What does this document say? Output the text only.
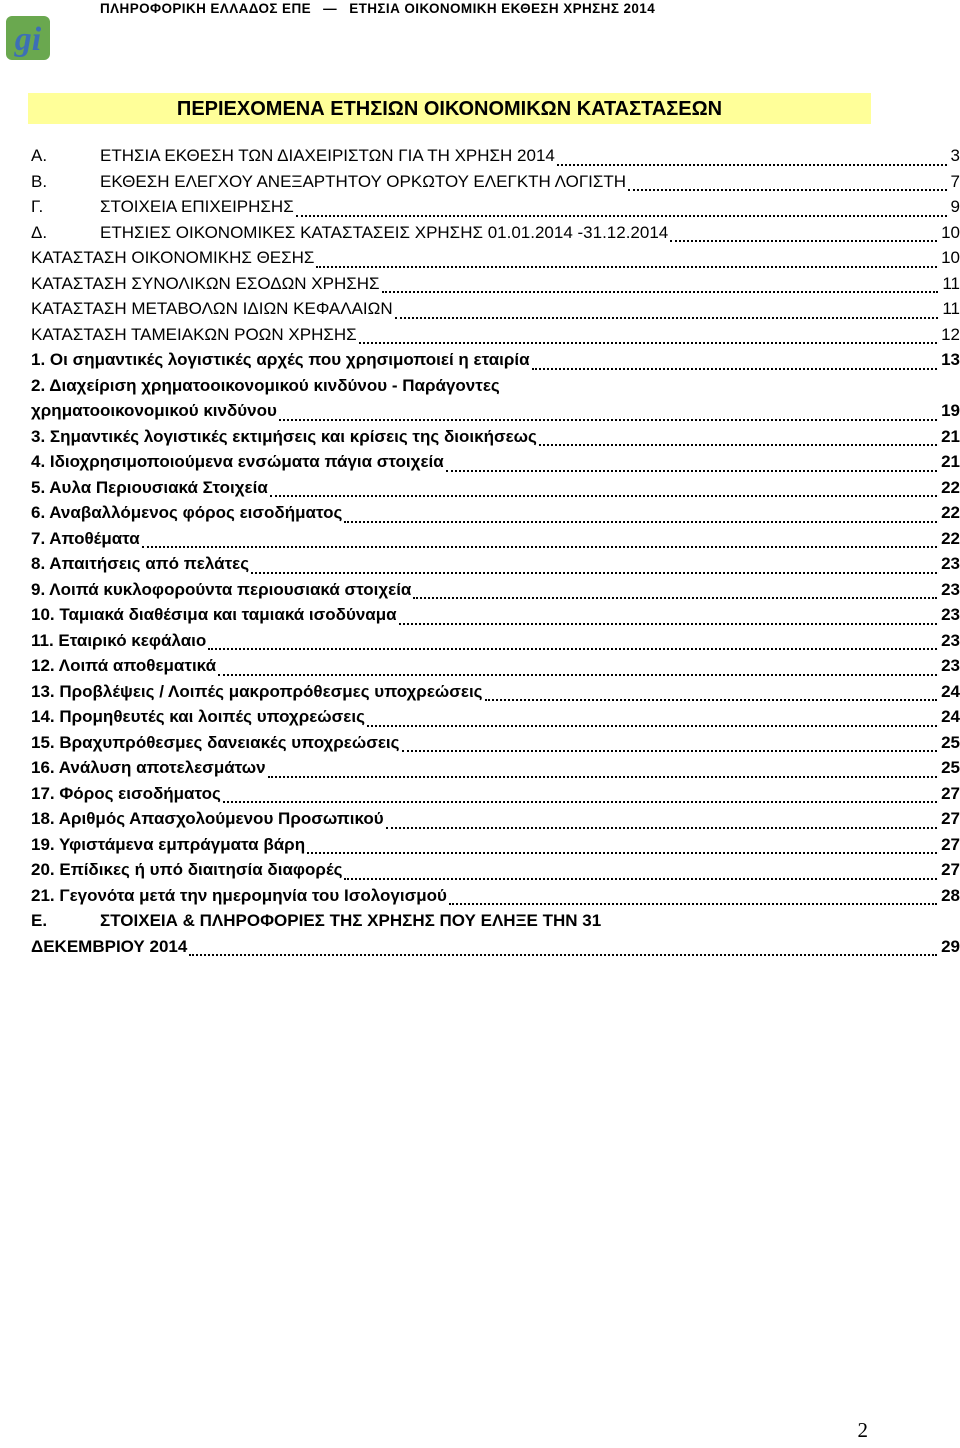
ΠΛΗΡΟΦΟΡΙΚΗ ΕΛΛΑΔΟΣ ΕΠΕ — ΕΤΗΣΙΑ ΟΙΚΟΝΟΜΙΚΗ ΕΚΘΕΣΗ ΧΡΗΣΗΣ 2014
gi
ΠΕΡΙΕΧΟΜΕΝΑ ΕΤΗΣΙΩΝ ΟΙΚΟΝΟΜΙΚΩΝ ΚΑΤΑΣΤΑΣΕΩΝ
Α.	ΕΤΗΣΙΑ ΕΚΘΕΣΗ ΤΩΝ ΔΙΑΧΕΙΡΙΣΤΩΝ ΓΙΑ ΤΗ ΧΡΗΣΗ 2014	3
Β.	ΕΚΘΕΣΗ ΕΛΕΓΧΟΥ ΑΝΕΞΑΡΤΗΤΟΥ ΟΡΚΩΤΟΥ ΕΛΕΓΚΤΗ ΛΟΓΙΣΤΗ	7
Γ.	ΣΤΟΙΧΕΙΑ ΕΠΙΧΕΙΡΗΣΗΣ	9
Δ.	ΕΤΗΣΙΕΣ ΟΙΚΟΝΟΜΙΚΕΣ ΚΑΤΑΣΤΑΣΕΙΣ ΧΡΗΣΗΣ 01.01.2014 -31.12.2014	10
ΚΑΤΑΣΤΑΣΗ ΟΙΚΟΝΟΜΙΚΗΣ ΘΕΣΗΣ	10
ΚΑΤΑΣΤΑΣΗ ΣΥΝΟΛΙΚΩΝ ΕΣΟΔΩΝ ΧΡΗΣΗΣ	11
ΚΑΤΑΣΤΑΣΗ ΜΕΤΑΒΟΛΩΝ ΙΔΙΩΝ ΚΕΦΑΛΑΙΩΝ	11
ΚΑΤΑΣΤΑΣΗ ΤΑΜΕΙΑΚΩΝ ΡΟΩΝ ΧΡΗΣΗΣ	12
1. Οι σημαντικές λογιστικές αρχές που χρησιμοποιεί η εταιρία	13
2. Διαχείριση χρηματοοικονομικού κινδύνου - Παράγοντες
χρηματοοικονομικού κινδύνου	19
3. Σημαντικές λογιστικές εκτιμήσεις και κρίσεις της διοικήσεως	21
4. Ιδιοχρησιμοποιούμενα ενσώματα πάγια στοιχεία	21
5. Αυλα Περιουσιακά Στοιχεία	22
6. Αναβαλλόμενος φόρος εισοδήματος	22
7. Αποθέματα	22
8. Απαιτήσεις από πελάτες	23
9. Λοιπά κυκλοφορούντα περιουσιακά στοιχεία	23
10. Ταμιακά διαθέσιμα και ταμιακά ισοδύναμα	23
11. Εταιρικό κεφάλαιο	23
12. Λοιπά αποθεματικά	23
13. Προβλέψεις / Λοιπές μακροπρόθεσμες υποχρεώσεις	24
14. Προμηθευτές και λοιπές υποχρεώσεις	24
15. Βραχυπρόθεσμες δανειακές υποχρεώσεις	25
16. Ανάλυση αποτελεσμάτων	25
17. Φόρος εισοδήματος	27
18. Αριθμός Απασχολούμενου Προσωπικού	27
19. Υφιστάμενα εμπράγματα βάρη	27
20. Επίδικες ή υπό διαιτησία διαφορές	27
21. Γεγονότα μετά την ημερομηνία του Ισολογισμού	28
Ε.	ΣΤΟΙΧΕΙΑ & ΠΛΗΡΟΦΟΡΙΕΣ ΤΗΣ ΧΡΗΣΗΣ ΠΟΥ ΕΛΗΞΕ ΤΗΝ 31
ΔΕΚΕΜΒΡΙΟΥ 2014	29
2
